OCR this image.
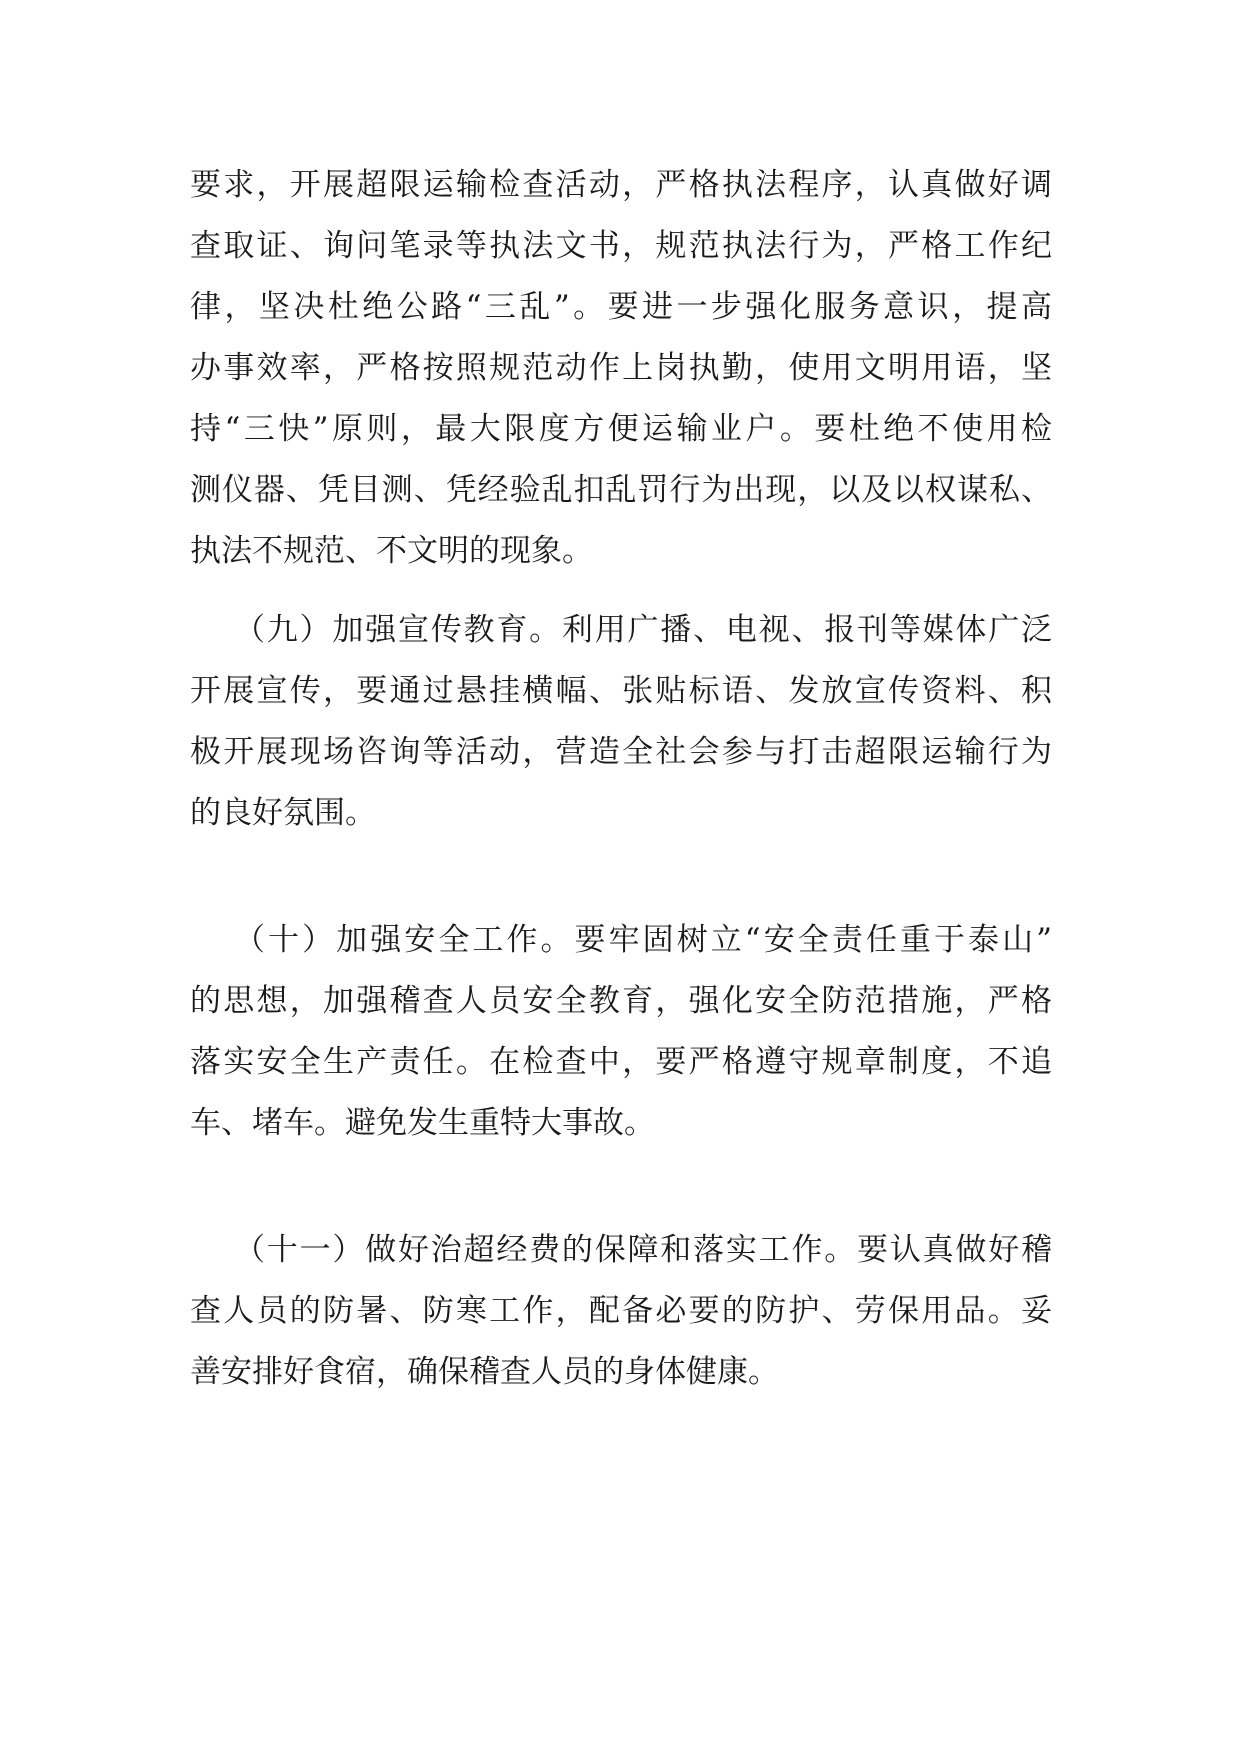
要求，开展超限运输检查活动，严格执法程序，认真做好调
查取证、询问笔录等执法文书，规范执法行为，严格工作纪
律，坚决杜绝公路“三乱”。要进一步强化服务意识，提高
办事效率，严格按照规范动作上岗执勤，使用文明用语，坚
持“三快”原则，最大限度方便运输业户。要杜绝不使用检
测仪器、凭目测、凭经验乱扣乱罚行为出现，以及以权谋私、
执法不规范、不文明的现象。
（九）加强宣传教育。利用广播、电视、报刊等媒体广泛
开展宣传，要通过悬挂横幅、张贴标语、发放宣传资料、积
极开展现场咨询等活动，营造全社会参与打击超限运输行为
的良好氛围。
（十）加强安全工作。要牢固树立“安全责任重于泰山”
的思想，加强稽查人员安全教育，强化安全防范措施，严格
落实安全生产责任。在检查中，要严格遵守规章制度，不追
车、堵车。避免发生重特大事故。
（十一）做好治超经费的保障和落实工作。要认真做好稽
查人员的防暑、防寒工作，配备必要的防护、劳保用品。妥
善安排好食宿，确保稽查人员的身体健康。
